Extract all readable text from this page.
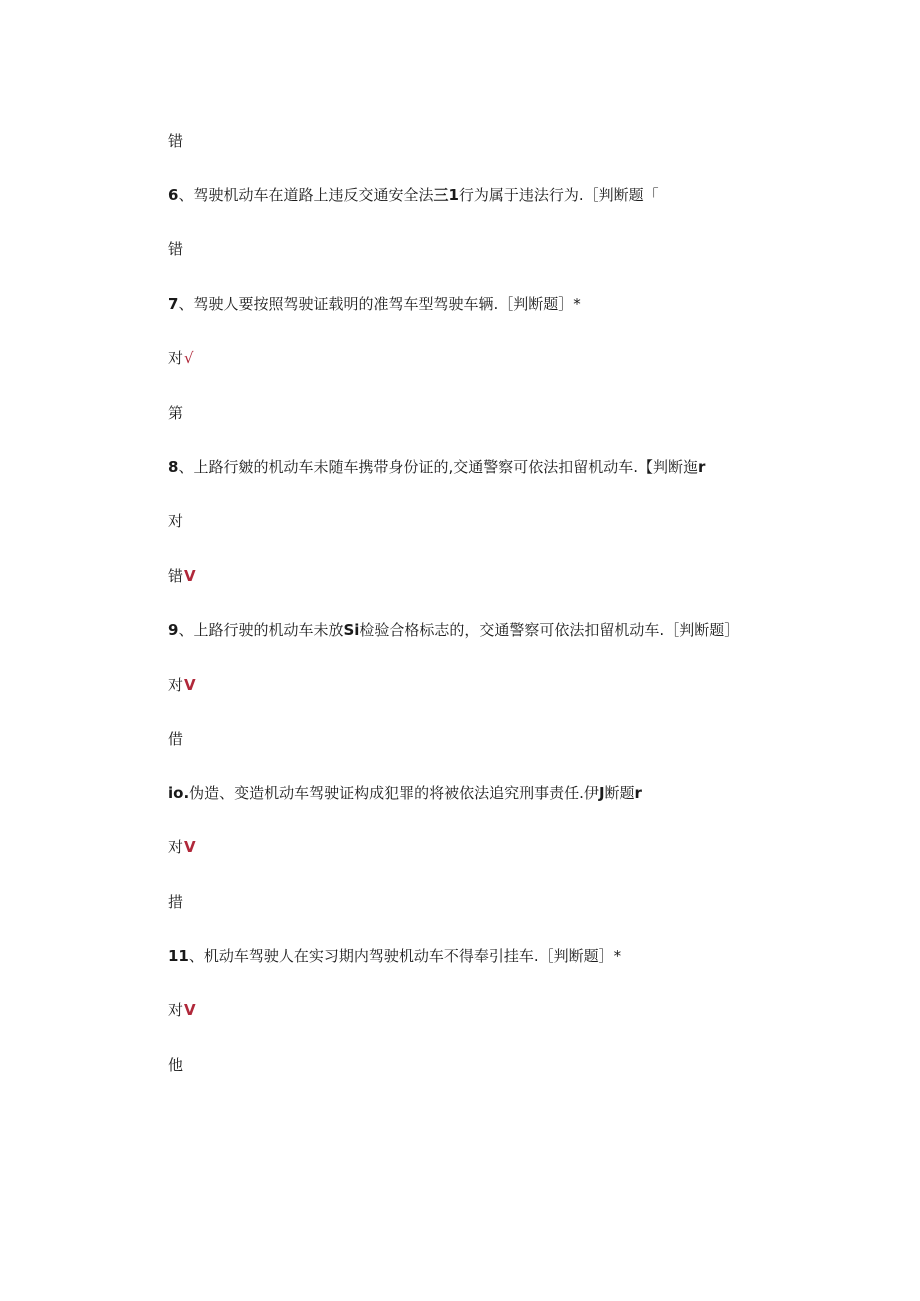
错
6、驾驶机动车在道路上违反交通安全法三1行为属于违法行为.［判断题「
错
7、驾驶人要按照驾驶证载明的准驾车型驾驶车辆.［判断题］*
对√
第
8、上路行皴的机动车未随车携带身份证的,交通警察可依法扣留机动车.【判断迤r
对
错V
9、上路行驶的机动车未放Si检验合格标志的，交通警察可依法扣留机动车.［判断题］
对V
借
io.伪造、变造机动车驾驶证构成犯罪的将被依法追究刑事责任.伊J断题r
对V
措
11、机动车驾驶人在实习期内驾驶机动车不得奉引挂车.［判断题］*
对V
他
